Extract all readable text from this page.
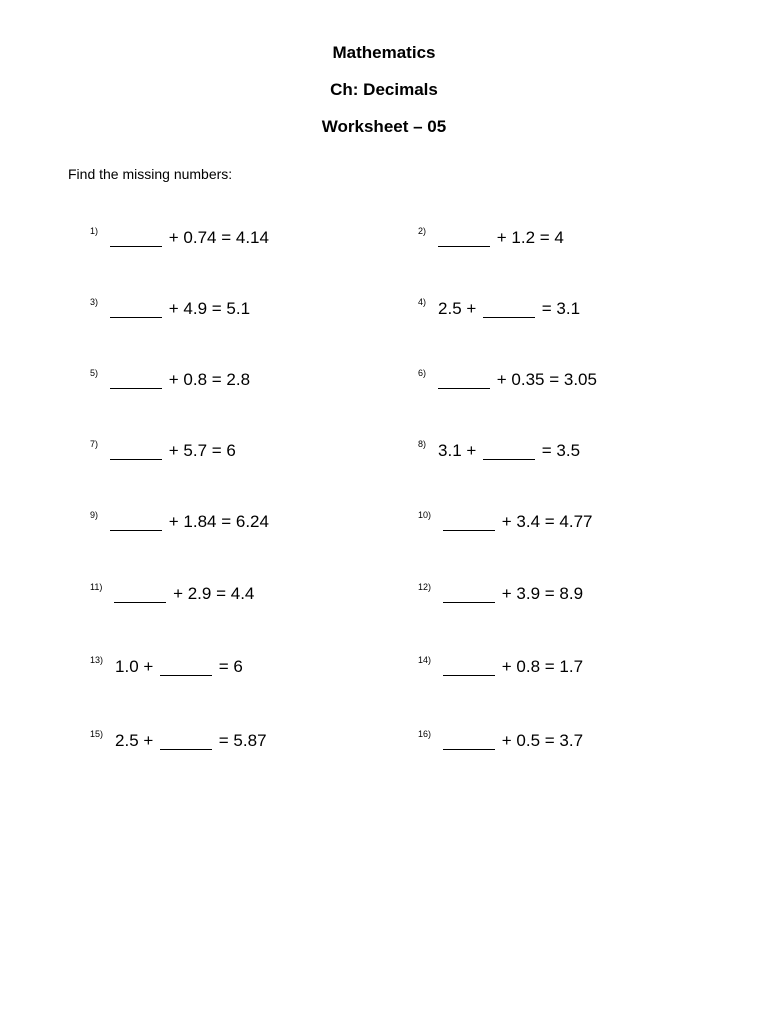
Mathematics
Ch: Decimals
Worksheet – 05
Find the missing numbers:
1)	+ 0.74 = 4.14	2)	+ 1.2 = 4
3)	+ 4.9 = 5.1	4) 2.5 +	= 3.1
5)	+ 0.8 = 2.8	6)	+ 0.35 = 3.05
7)	+ 5.7 = 6	8) 3.1 +	= 3.5
9)	+ 1.84 = 6.24	10)	+ 3.4 = 4.77
11)	+ 2.9 = 4.4	12)	+ 3.9 = 8.9
13) 1.0 +	= 6	14)	+ 0.8 = 1.7
15) 2.5 +	= 5.87	16)	+ 0.5 = 3.7
